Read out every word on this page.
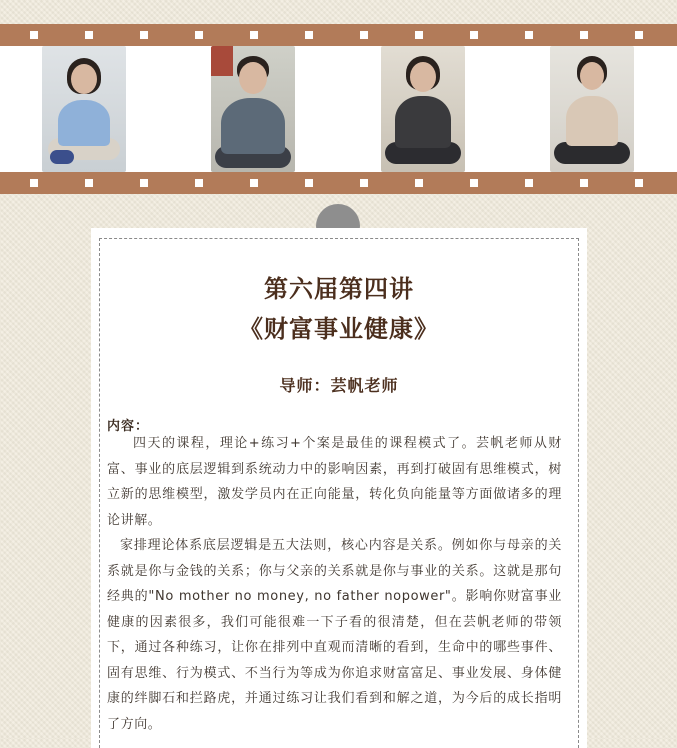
第六届第四讲
《财富事业健康》
导师：芸帆老师
内容：

四天的课程，理论+练习+个案是最佳的课程模式了。芸帆老师从财富、事业的底层逻辑到系统动力中的影响因素，再到打破固有思维模式，树立新的思维模型，激发学员内在正向能量，转化负向能量等方面做诸多的理论讲解。

家排理论体系底层逻辑是五大法则，核心内容是关系。例如你与母亲的关系就是你与金钱的关系；你与父亲的关系就是你与事业的关系。这就是那句经典的"No mother no money, no father nopower"。影响你财富事业健康的因素很多，我们可能很难一下子看的很清楚，但在芸帆老师的带领下，通过各种练习，让你在排列中直观而清晰的看到，生命中的哪些事件、固有思维、行为模式、不当行为等成为你追求财富富足、事业发展、身体健康的绊脚石和拦路虎，并通过练习让我们看到和解之道，为今后的成长指明了方向。
